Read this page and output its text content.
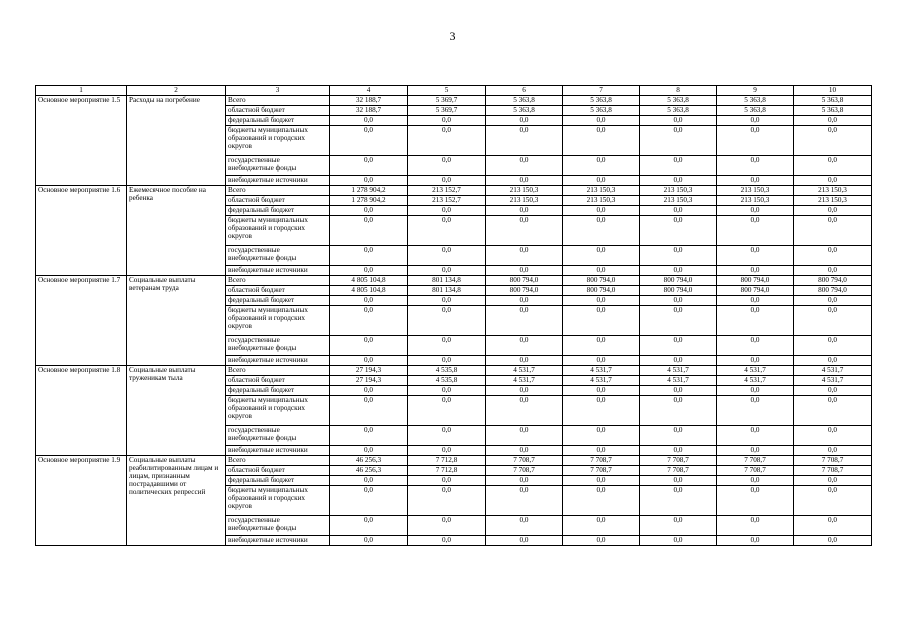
3
1	2	3	4	5	6	7	8	9	10
Основное мероприятие 1.5	Расходы на погребение	Всего	32 188,7	5 369,7	5 363,8	5 363,8	5 363,8	5 363,8	5 363,8
		областной бюджет	32 188,7	5 369,7	5 363,8	5 363,8	5 363,8	5 363,8	5 363,8
		федеральный бюджет	0,0	0,0	0,0	0,0	0,0	0,0	0,0
		бюджеты муниципальных образований и городских округов	0,0	0,0	0,0	0,0	0,0	0,0	0,0
		государственные внебюджетные фонды	0,0	0,0	0,0	0,0	0,0	0,0	0,0
		внебюджетные источники	0,0	0,0	0,0	0,0	0,0	0,0	0,0
Основное мероприятие 1.6	Ежемесячное пособие на ребенка	Всего	1 278 904,2	213 152,7	213 150,3	213 150,3	213 150,3	213 150,3	213 150,3
		областной бюджет	1 278 904,2	213 152,7	213 150,3	213 150,3	213 150,3	213 150,3	213 150,3
		федеральный бюджет	0,0	0,0	0,0	0,0	0,0	0,0	0,0
		бюджеты муниципальных образований и городских округов	0,0	0,0	0,0	0,0	0,0	0,0	0,0
		государственные внебюджетные фонды	0,0	0,0	0,0	0,0	0,0	0,0	0,0
		внебюджетные источники	0,0	0,0	0,0	0,0	0,0	0,0	0,0
Основное мероприятие 1.7	Социальные выплаты ветеранам труда	Всего	4 805 104,8	801 134,8	800 794,0	800 794,0	800 794,0	800 794,0	800 794,0
		областной бюджет	4 805 104,8	801 134,8	800 794,0	800 794,0	800 794,0	800 794,0	800 794,0
		федеральный бюджет	0,0	0,0	0,0	0,0	0,0	0,0	0,0
		бюджеты муниципальных образований и городских округов	0,0	0,0	0,0	0,0	0,0	0,0	0,0
		государственные внебюджетные фонды	0,0	0,0	0,0	0,0	0,0	0,0	0,0
		внебюджетные источники	0,0	0,0	0,0	0,0	0,0	0,0	0,0
Основное мероприятие 1.8	Социальные выплаты труженикам тыла	Всего	27 194,3	4 535,8	4 531,7	4 531,7	4 531,7	4 531,7	4 531,7
		областной бюджет	27 194,3	4 535,8	4 531,7	4 531,7	4 531,7	4 531,7	4 531,7
		федеральный бюджет	0,0	0,0	0,0	0,0	0,0	0,0	0,0
		бюджеты муниципальных образований и городских округов	0,0	0,0	0,0	0,0	0,0	0,0	0,0
		государственные внебюджетные фонды	0,0	0,0	0,0	0,0	0,0	0,0	0,0
		внебюджетные источники	0,0	0,0	0,0	0,0	0,0	0,0	0,0
Основное мероприятие 1.9	Социальные выплаты реабилитированным лицам и лицам, признанным пострадавшими от политических репрессий	Всего	46 256,3	7 712,8	7 708,7	7 708,7	7 708,7	7 708,7	7 708,7
		областной бюджет	46 256,3	7 712,8	7 708,7	7 708,7	7 708,7	7 708,7	7 708,7
		федеральный бюджет	0,0	0,0	0,0	0,0	0,0	0,0	0,0
		бюджеты муниципальных образований и городских округов	0,0	0,0	0,0	0,0	0,0	0,0	0,0
		государственные внебюджетные фонды	0,0	0,0	0,0	0,0	0,0	0,0	0,0
		внебюджетные источники	0,0	0,0	0,0	0,0	0,0	0,0	0,0
